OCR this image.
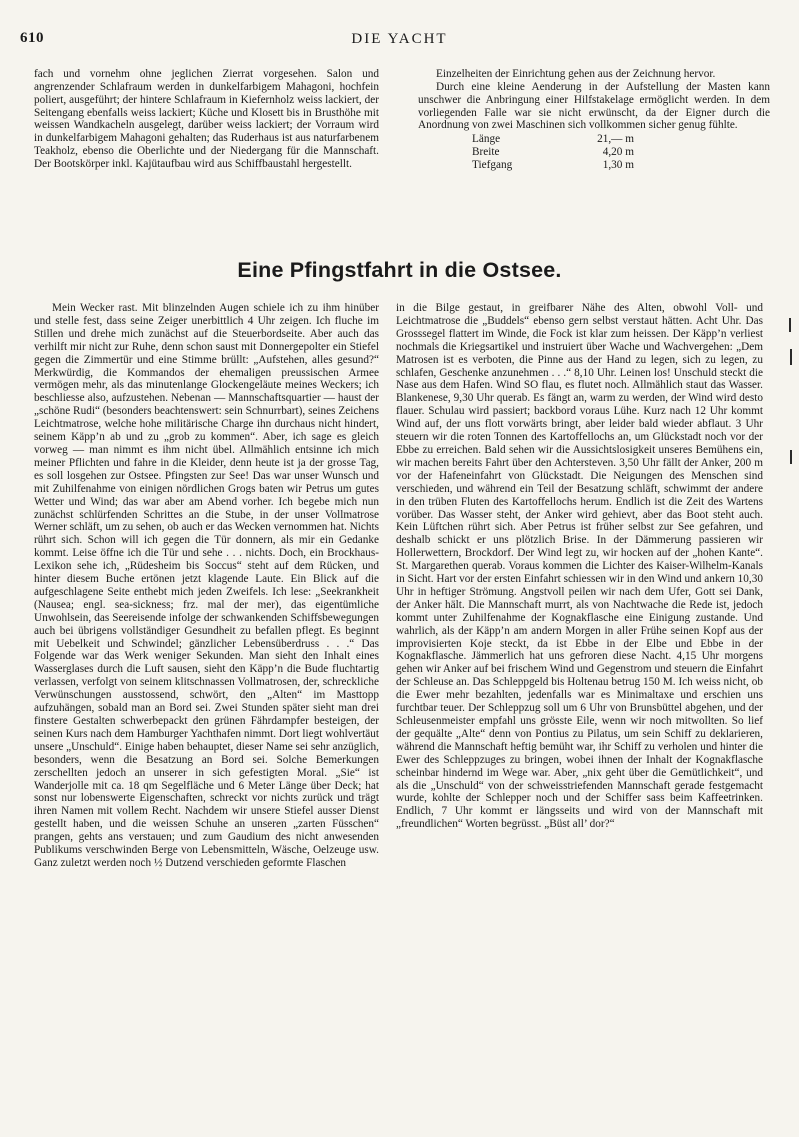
610	DIE YACHT

fach und vornehm ohne jeglichen Zierrat vorgesehen. Salon und angrenzender Schlafraum werden in dunkelfarbigem Mahagoni, hochfein poliert, ausgeführt; der hintere Schlafraum in Kiefernholz weiss lackiert, der Seitengang ebenfalls weiss lackiert; Küche und Klosett bis in Brusthöhe mit weissen Wandkacheln ausgelegt, darüber weiss lackiert; der Vorraum wird in dunkelfarbigem Mahagoni gehalten; das Ruderhaus ist aus naturfarbenem Teakholz, ebenso die Oberlichte und der Niedergang für die Mannschaft. Der Bootskörper inkl. Kajütaufbau wird aus Schiffbaustahl hergestellt.

Einzelheiten der Einrichtung gehen aus der Zeichnung hervor.

Durch eine kleine Aenderung in der Aufstellung der Masten kann unschwer die Anbringung einer Hilfstakelage ermöglicht werden. In dem vorliegenden Falle war sie nicht erwünscht, da der Eigner durch die Anordnung von zwei Maschinen sich vollkommen sicher genug fühlte.

Länge	21,— m
Breite	4,20 m
Tiefgang	1,30 m
Eine Pfingstfahrt in die Ostsee.

Mein Wecker rast. Mit blinzelnden Augen schiele ich zu ihm hinüber und stelle fest, dass seine Zeiger unerbittlich 4 Uhr zeigen. Ich fluche im Stillen und drehe mich zunächst auf die Steuerbordseite. Aber auch das verhilft mir nicht zur Ruhe, denn schon saust mit Donnergepolter ein Stiefel gegen die Zimmertür und eine Stimme brüllt: „Aufstehen, alles gesund?“ Merkwürdig, die Kommandos der ehemaligen preussischen Armee vermögen mehr, als das minutenlange Glockengeläute meines Weckers; ich beschliesse also, aufzustehen. Nebenan — Mannschaftsquartier — haust der „schöne Rudi“ (besonders beachtenswert: sein Schnurrbart), seines Zeichens Leichtmatrose, welche hohe militärische Charge ihn durchaus nicht hindert, seinem Käpp’n ab und zu „grob zu kommen“. Aber, ich sage es gleich vorweg — man nimmt es ihm nicht übel. Allmählich entsinne ich mich meiner Pflichten und fahre in die Kleider, denn heute ist ja der grosse Tag, es soll losgehen zur Ostsee. Pfingsten zur See! Das war unser Wunsch und mit Zuhilfenahme von einigen nördlichen Grogs baten wir Petrus um gutes Wetter und Wind; das war aber am Abend vorher. Ich begebe mich nun zunächst schlürfenden Schrittes an die Stube, in der unser Vollmatrose Werner schläft, um zu sehen, ob auch er das Wecken vernommen hat. Nichts rührt sich. Schon will ich gegen die Tür donnern, als mir ein Gedanke kommt. Leise öffne ich die Tür und sehe . . . nichts. Doch, ein Brockhaus-Lexikon sehe ich, „Rüdesheim bis Soccus“ steht auf dem Rücken, und hinter diesem Buche ertönen jetzt klagende Laute. Ein Blick auf die aufgeschlagene Seite enthebt mich jeden Zweifels. Ich lese: „Seekrankheit (Nausea; engl. sea-sickness; frz. mal der mer), das eigentümliche Unwohlsein, das Seereisende infolge der schwankenden Schiffsbewegungen auch bei übrigens vollständiger Gesundheit zu befallen pflegt. Es beginnt mit Uebelkeit und Schwindel; gänzlicher Lebensüberdruss . . .“ Das Folgende war das Werk weniger Sekunden. Man sieht den Inhalt eines Wasserglases durch die Luft sausen, sieht den Käpp’n die Bude fluchtartig verlassen, verfolgt von seinem klitschnassen Vollmatrosen, der, schreckliche Verwünschungen ausstossend, schwört, den „Alten“ im Masttopp aufzuhängen, sobald man an Bord sei. Zwei Stunden später sieht man drei finstere Gestalten schwerbepackt den grünen Fährdampfer besteigen, der seinen Kurs nach dem Hamburger Yachthafen nimmt. Dort liegt wohlvertäut unsere „Unschuld“. Einige haben behauptet, dieser Name sei sehr anzüglich, besonders, wenn die Besatzung an Bord sei. Solche Bemerkungen zerschellten jedoch an unserer in sich gefestigten Moral. „Sie“ ist Wanderjolle mit ca. 18 qm Segelfläche und 6 Meter Länge über Deck; hat sonst nur lobenswerte Eigenschaften, schreckt vor nichts zurück und trägt ihren Namen mit vollem Recht. Nachdem wir unsere Stiefel ausser Dienst gestellt haben, und die weissen Schuhe an unseren „zarten Füsschen“ prangen, gehts ans verstauen; und zum Gaudium des nicht anwesenden Publikums verschwinden Berge von Lebensmitteln, Wäsche, Oelzeuge usw. Ganz zuletzt werden noch ½ Dutzend verschieden geformte Flaschen

in die Bilge gestaut, in greifbarer Nähe des Alten, obwohl Voll- und Leichtmatrose die „Buddels“ ebenso gern selbst verstaut hätten. Acht Uhr. Das Grosssegel flattert im Winde, die Fock ist klar zum heissen. Der Käpp’n verliest nochmals die Kriegsartikel und instruiert über Wache und Wachvergehen: „Dem Matrosen ist es verboten, die Pinne aus der Hand zu legen, sich zu legen, zu schlafen, Geschenke anzunehmen . . .“ 8,10 Uhr. Leinen los! Unschuld steckt die Nase aus dem Hafen. Wind SO flau, es flutet noch. Allmählich staut das Wasser. Blankenese, 9,30 Uhr querab. Es fängt an, warm zu werden, der Wind wird desto flauer. Schulau wird passiert; backbord voraus Lühe. Kurz nach 12 Uhr kommt Wind auf, der uns flott vorwärts bringt, aber leider bald wieder abflaut. 3 Uhr steuern wir die roten Tonnen des Kartoffellochs an, um Glückstadt noch vor der Ebbe zu erreichen. Bald sehen wir die Aussichtslosigkeit unseres Bemühens ein, wir machen bereits Fahrt über den Achtersteven. 3,50 Uhr fällt der Anker, 200 m vor der Hafeneinfahrt von Glückstadt. Die Neigungen des Menschen sind verschieden, und während ein Teil der Besatzung schläft, schwimmt der andere in den trüben Fluten des Kartoffellochs herum. Endlich ist die Zeit des Wartens vorüber. Das Wasser steht, der Anker wird gehievt, aber das Boot steht auch. Kein Lüftchen rührt sich. Aber Petrus ist früher selbst zur See gefahren, und deshalb schickt er uns plötzlich Brise. In der Dämmerung passieren wir Hollerwettern, Brockdorf. Der Wind legt zu, wir hocken auf der „hohen Kante“. St. Margarethen querab. Voraus kommen die Lichter des Kaiser-Wilhelm-Kanals in Sicht. Hart vor der ersten Einfahrt schiessen wir in den Wind und ankern 10,30 Uhr in heftiger Strömung. Angstvoll peilen wir nach dem Ufer, Gott sei Dank, der Anker hält. Die Mannschaft murrt, als von Nachtwache die Rede ist, jedoch kommt unter Zuhilfenahme der Kognakflasche eine Einigung zustande. Und wahrlich, als der Käpp’n am andern Morgen in aller Frühe seinen Kopf aus der improvisierten Koje steckt, da ist Ebbe in der Elbe und Ebbe in der Kognakflasche. Jämmerlich hat uns gefroren diese Nacht. 4,15 Uhr morgens gehen wir Anker auf bei frischem Wind und Gegenstrom und steuern die Einfahrt der Schleuse an. Das Schleppgeld bis Holtenau betrug 150 M. Ich weiss nicht, ob die Ewer mehr bezahlten, jedenfalls war es Minimaltaxe und erschien uns furchtbar teuer. Der Schleppzug soll um 6 Uhr von Brunsbüttel abgehen, und der Schleusenmeister empfahl uns grösste Eile, wenn wir noch mitwollten. So lief der gequälte „Alte“ denn von Pontius zu Pilatus, um sein Schiff zu deklarieren, während die Mannschaft heftig bemüht war, ihr Schiff zu verholen und hinter die Ewer des Schleppzuges zu bringen, wobei ihnen der Inhalt der Kognakflasche scheinbar hindernd im Wege war. Aber, „nix geht über die Gemütlichkeit“, und als die „Unschuld“ von der schweisstriefenden Mannschaft gerade festgemacht wurde, kohlte der Schlepper noch und der Schiffer sass beim Kaffeetrinken. Endlich, 7 Uhr kommt er längsseits und wird von der Mannschaft mit „freundlichen“ Worten begrüsst. „Büst all’ dor?“
